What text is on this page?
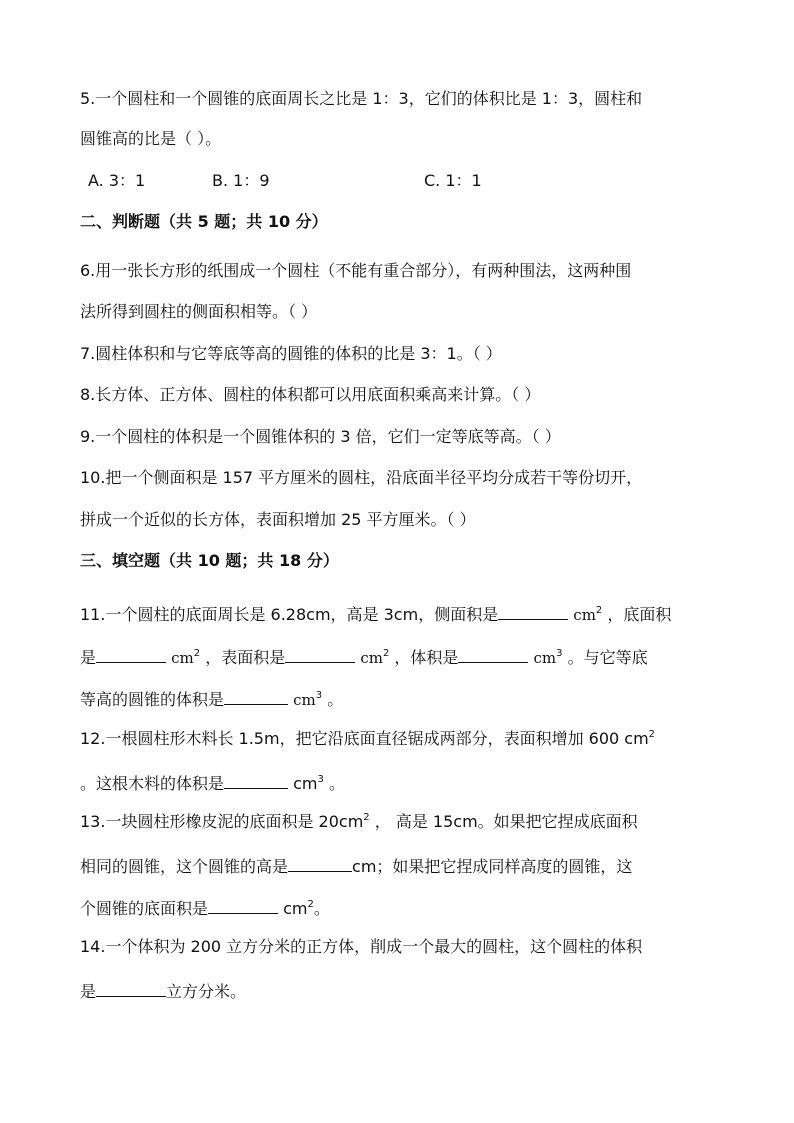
5.一个圆柱和一个圆锥的底面周长之比是 1：3，它们的体积比是 1：3，圆柱和
圆锥高的比是（ ）。
A. 3：1	B. 1：9	C. 1：1
二、判断题（共 5 题；共 10 分）
6.用一张长方形的纸围成一个圆柱（不能有重合部分），有两种围法，这两种围
法所得到圆柱的侧面积相等。（ ）
7.圆柱体积和与它等底等高的圆锥的体积的比是 3：1。（ ）
8.长方体、正方体、圆柱的体积都可以用底面积乘高来计算。（ ）
9.一个圆柱的体积是一个圆锥体积的 3 倍，它们一定等底等高。（ ）
10.把一个侧面积是 157 平方厘米的圆柱，沿底面半径平均分成若干等份切开，
拼成一个近似的长方体，表面积增加 25 平方厘米。（ ）
三、填空题（共 10 题；共 18 分）
11.一个圆柱的底面周长是 6.28cm，高是 3cm，侧面积是	$cm^2$ ，底面积
是	$cm^2$ ，表面积是	$cm^2$ ，体积是	$cm^3$ 。与它等底
等高的圆锥的体积是	$cm^3$ 。
12.一根圆柱形木料长 1.5m，把它沿底面直径锯成两部分，表面积增加 600 $cm^2$
。这根木料的体积是	$cm^3$ 。
13.一块圆柱形橡皮泥的底面积是 $20cm^2$ ， 高是 15cm。如果把它捏成底面积
相同的圆锥，这个圆锥的高是	cm；如果把它捏成同样高度的圆锥，这
个圆锥的底面积是	$cm^2$。
14.一个体积为 200 立方分米的正方体，削成一个最大的圆柱，这个圆柱的体积
是	立方分米。
